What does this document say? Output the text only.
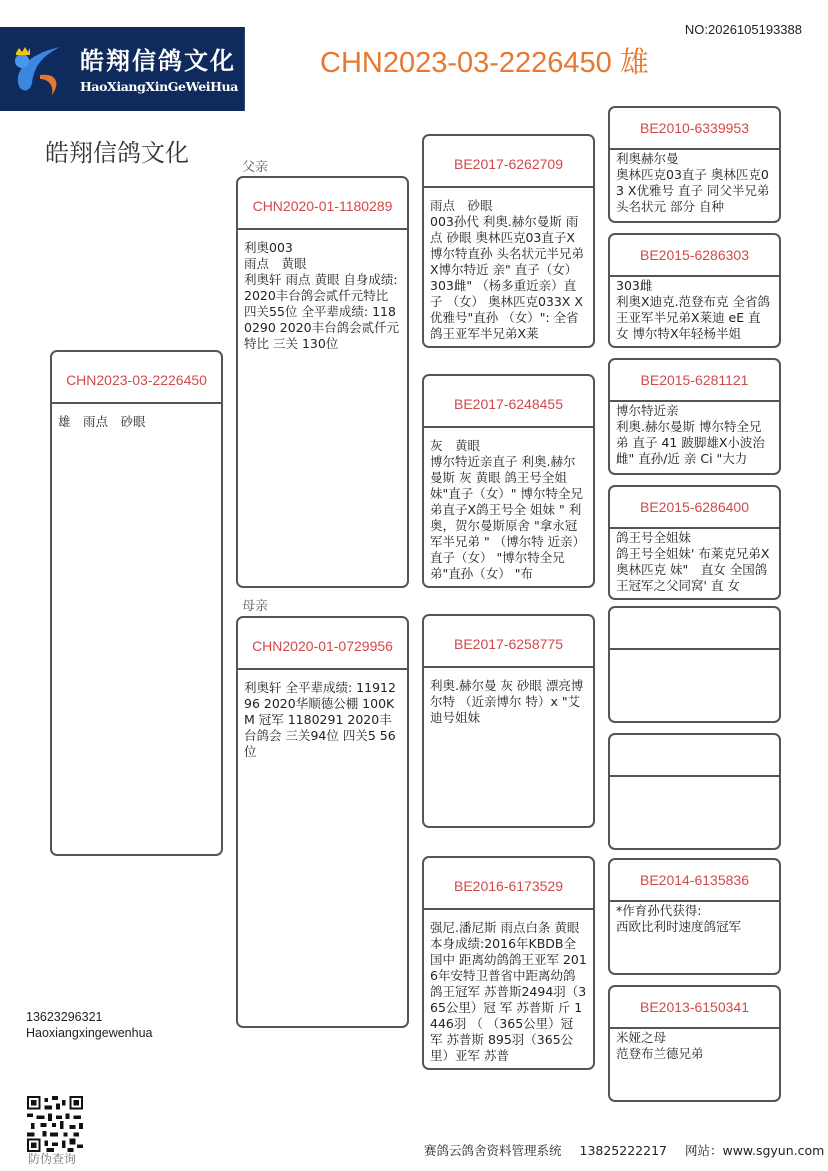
皓翔信鸽文化
HaoXiangXinGeWeiHua
NO:2026105193388
CHN2023-03-2226450 雄
皓翔信鸽文化
父亲
母亲
CHN2023-03-2226450
雄　雨点　砂眼
CHN2020-01-1180289
利奥003
雨点　黄眼
利奥轩 雨点 黄眼 自身成绩: 2020丰台鸽会贰仟元特比 四关55位 全平辈成绩: 1180290 2020丰台鸽会贰仟元特比 三关 130位
CHN2020-01-0729956
利奥轩 全平辈成绩: 1191296 2020华顺德公棚 100KM 冠军 1180291 2020丰台鸽会 三关94位 四关5 56位
BE2017-6262709
雨点　砂眼
003孙代 利奥.赫尔曼斯 雨点 砂眼 奥林匹克03直子X博尔特直孙 头名状元半兄弟X博尔特近 亲" 直子（女）　303雌" （杨多重近亲）直子 （女） 奥林匹克033X X优雅号"直孙 （女）": 全省鸽王亚军半兄弟X莱
BE2017-6248455
灰　黄眼
博尔特近亲直子 利奥.赫尔曼斯 灰 黄眼 鸽王号全姐妹"直子（女）" 博尔特全兄弟直子X鸽王号全 姐妹 " 利奥，贺尔曼斯原舍 "拿永冠军半兄弟 " （博尔特 近亲）直子（女） "博尔特全兄弟"直孙（女） "布
BE2017-6258775
利奥.赫尔曼 灰 砂眼 漂亮博尔特 （近亲博尔 特）x "艾迪号姐妹
BE2016-6173529
强尼.潘尼斯 雨点白条 黄眼 本身成绩:2016年KBDB全国中 距离幼鸽鸽王亚军 2016年安特卫普省中距离幼鸽 鸽王冠军 苏普斯2494羽（365公里）冠 军 苏普斯 斤 1446羽 （ （365公里）冠 军 苏普斯 895羽（365公里）亚军 苏普
BE2010-6339953
利奥赫尔曼
奥林匹克03直子 奥林匹克03 X优雅号 直子 同父半兄弟 头名状元 部分 自种
BE2015-6286303
303雌
利奥X迪克.范登布克 全省鸽王亚军半兄弟X莱迪 eE 直女 博尔特X年轻杨半姐
BE2015-6281121
博尔特近亲
利奥.赫尔曼斯 博尔特全兄弟 直子 41 跛脚雄X小波治雌" 直孙/近 亲 Ci "大力
BE2015-6286400
鸽王号全姐妹
鸽王号全姐妹' 布莱克兄弟X奥林匹克 妹"　直女 全国鸽王冠军之父同窝' 直 女
BE2014-6135836
*作育孙代获得:
西欧比利时速度鸽冠军
BE2013-6150341
米娅之母
范登布兰德兄弟
13623296321
Haoxiangxingewenhua
防伪查询
赛鸽云鸽舍资料管理系统 13825222217 网站：www.sgyun.com
